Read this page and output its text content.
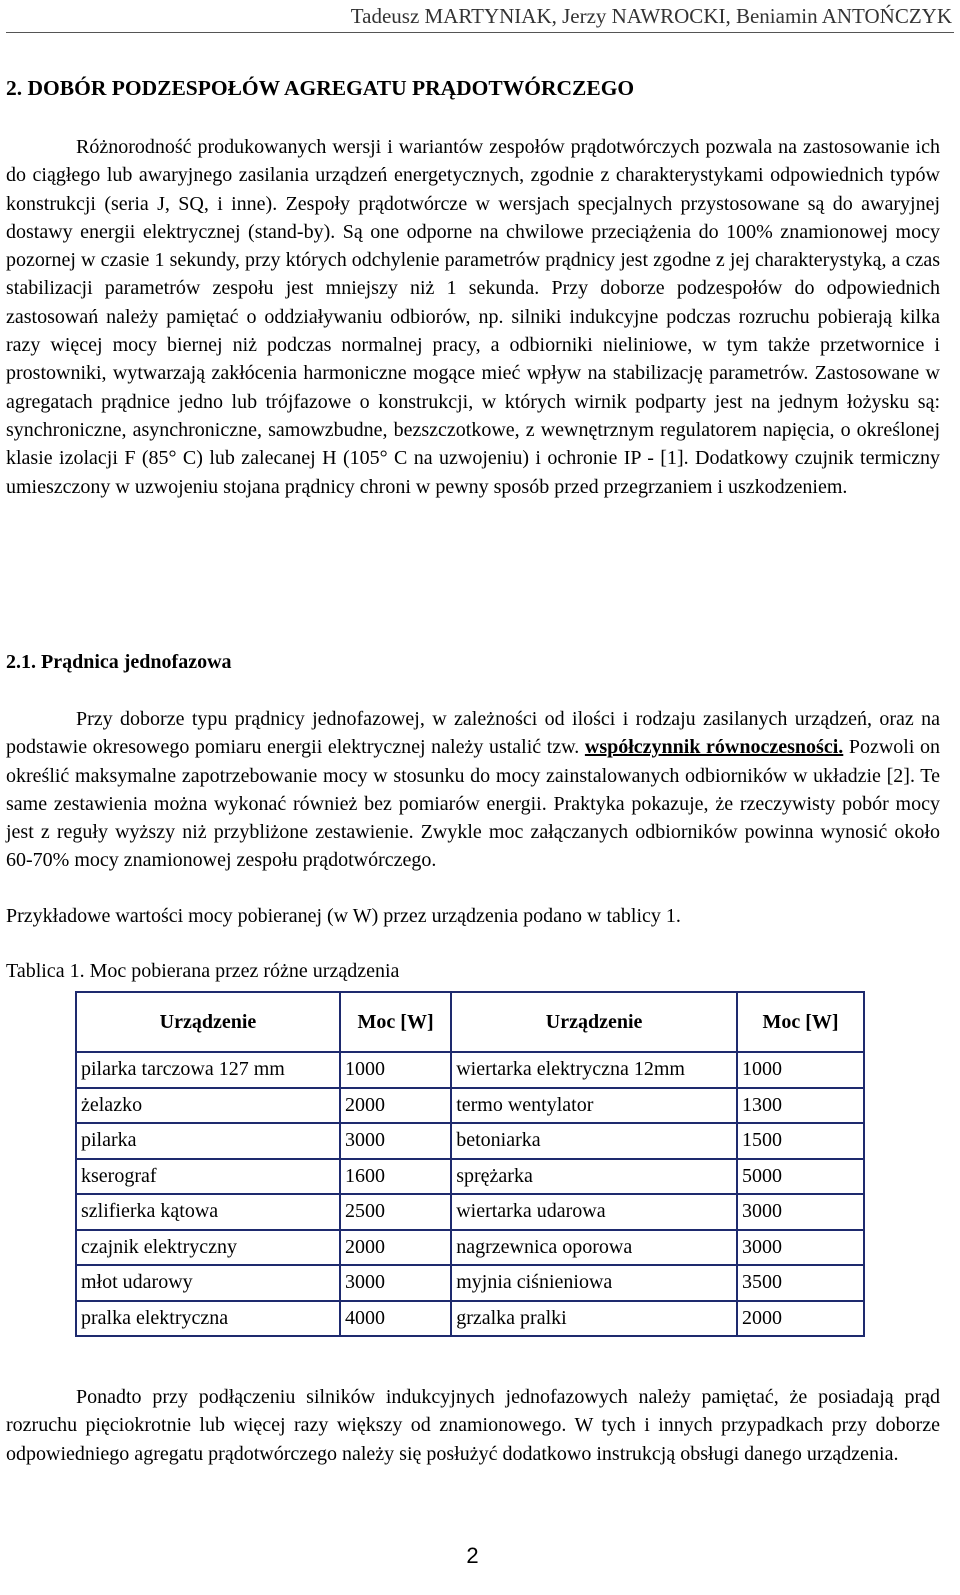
Tadeusz MARTYNIAK, Jerzy NAWROCKI, Beniamin ANTOŃCZYK
2. DOBÓR PODZESPOŁÓW AGREGATU PRĄDOTWÓRCZEGO

Różnorodność produkowanych wersji i wariantów zespołów prądotwórczych pozwala na zastosowanie ich do ciągłego lub awaryjnego zasilania urządzeń energetycznych, zgodnie z charakterystykami odpowiednich typów konstrukcji (seria J, SQ, i inne). Zespoły prądotwórcze w wersjach specjalnych przystosowane są do awaryjnej dostawy energii elektrycznej (stand-by). Są one odporne na chwilowe przeciążenia do 100% znamionowej mocy pozornej w czasie 1 sekundy, przy których odchylenie parametrów prądnicy jest zgodne z jej charakterystyką, a czas stabilizacji parametrów zespołu jest mniejszy niż 1 sekunda. Przy doborze podzespołów do odpowiednich zastosowań należy pamiętać o oddziaływaniu odbiorów, np. silniki indukcyjne podczas rozruchu pobierają kilka razy więcej mocy biernej niż podczas normalnej pracy, a odbiorniki nieliniowe, w tym także przetwornice i prostowniki, wytwarzają zakłócenia harmoniczne mogące mieć wpływ na stabilizację parametrów. Zastosowane w agregatach prądnice jedno lub trójfazowe o konstrukcji, w których wirnik podparty jest na jednym łożysku są: synchroniczne, asynchroniczne, samowzbudne, bezszczotkowe, z wewnętrznym regulatorem napięcia, o określonej klasie izolacji F (85° C) lub zalecanej H (105° C na uzwojeniu) i ochronie IP - [1]. Dodatkowy czujnik termiczny umieszczony w uzwojeniu stojana prądnicy chroni w pewny sposób przed przegrzaniem i uszkodzeniem.

2.1. Prądnica jednofazowa

Przy doborze typu prądnicy jednofazowej, w zależności od ilości i rodzaju zasilanych urządzeń, oraz na podstawie okresowego pomiaru energii elektrycznej należy ustalić tzw. współczynnik równoczesności. Pozwoli on określić maksymalne zapotrzebowanie mocy w stosunku do mocy zainstalowanych odbiorników w układzie [2]. Te same zestawienia można wykonać również bez pomiarów energii. Praktyka pokazuje, że rzeczywisty pobór mocy jest z reguły wyższy niż przybliżone zestawienie. Zwykle moc załączanych odbiorników powinna wynosić około 60-70% mocy znamionowej zespołu prądotwórczego.

Przykładowe wartości mocy pobieranej (w W) przez urządzenia podano w tablicy 1.

Tablica 1. Moc pobierana przez różne urządzenia
Urządzenie	Moc [W]	Urządzenie	Moc [W]
pilarka tarczowa 127 mm	1000	wiertarka elektryczna 12mm	1000
żelazko	2000	termo wentylator	1300
pilarka	3000	betoniarka	1500
kserograf	1600	sprężarka	5000
szlifierka kątowa	2500	wiertarka udarowa	3000
czajnik elektryczny	2000	nagrzewnica oporowa	3000
młot udarowy	3000	myjnia ciśnieniowa	3500
pralka elektryczna	4000	grzalka pralki	2000

Ponadto przy podłączeniu silników indukcyjnych jednofazowych należy pamiętać, że posiadają prąd rozruchu pięciokrotnie lub więcej razy większy od znamionowego. W tych i innych przypadkach przy doborze odpowiedniego agregatu prądotwórczego należy się posłużyć dodatkowo instrukcją obsługi danego urządzenia.

2
